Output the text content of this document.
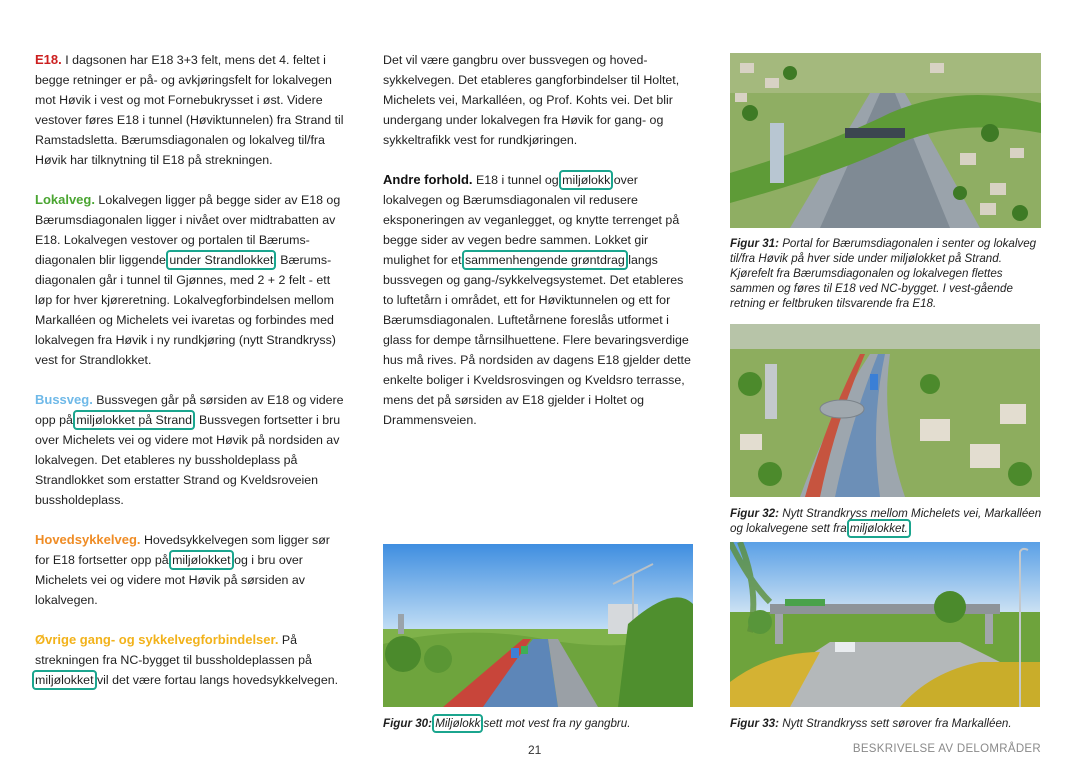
E18. I dagsonen har E18 3+3 felt, mens det 4. feltet i begge retninger er på- og avkjøringsfelt for lokalvegen mot Høvik i vest og mot Fornebukrysset i øst. Videre vestover føres E18 i tunnel (Høviktunnelen) fra Strand til Ramstadsletta. Bærumsdiagonalen og lokalveg til/fra Høvik har tilknytning til E18 på strekningen.

Lokalveg. Lokalvegen ligger på begge sider av E18 og Bærumsdiagonalen ligger i nivået over midtrabatten av E18. Lokalvegen vestover og portalen til Bærums-diagonalen blir liggende under Strandlokket. Bærums-diagonalen går i tunnel til Gjønnes, med 2 + 2 felt - ett løp for hver kjøreretning. Lokalvegforbindelsen mellom Markalléen og Michelets vei ivaretas og forbindes med lokalvegen fra Høvik i ny rundkjøring (nytt Strandkryss) vest for Strandlokket.

Bussveg. Bussvegen går på sørsiden av E18 og videre opp på miljølokket på Strand. Bussvegen fortsetter i bru over Michelets vei og videre mot Høvik på nordsiden av lokalvegen. Det etableres ny bussholdeplass på Strandlokket som erstatter Strand og Kveldsroveien bussholdeplass.

Hovedsykkelveg. Hovedsykkelvegen som ligger sør for E18 fortsetter opp på miljølokket og i bru over Michelets vei og videre mot Høvik på sørsiden av lokalvegen.

Øvrige gang- og sykkelvegforbindelser. På strekningen fra NC-bygget til bussholdeplassen på miljølokket vil det være fortau langs hovedsykkelvegen.

Det vil være gangbru over bussvegen og hoved-sykkelvegen. Det etableres gangforbindelser til Holtet, Michelets vei, Markalléen, og Prof. Kohts vei. Det blir undergang under lokalvegen fra Høvik for gang- og sykkeltrafikk vest for rundkjøringen.

Andre forhold. E18 i tunnel og miljølokk over lokalvegen og Bærumsdiagonalen vil redusere eksponeringen av veganlegget, og knytte terrenget på begge sider av vegen bedre sammen. Lokket gir mulighet for et sammenhengende grøntdrag langs bussvegen og gang-/sykkelvegsystemet. Det etableres to luftetårn i området, ett for Høviktunnelen og ett for Bærumsdiagonalen. Luftetårnene foreslås utformet i glass for dempe tårnsilhuettene. Flere bevaringsverdige hus må rives. På nordsiden av dagens E18 gjelder dette enkelte boliger i Kveldsrosvingen og Kveldsro terrasse, mens det på sørsiden av E18 gjelder i Holtet og Drammensveien.

Figur 30: Miljølokk sett mot vest fra ny gangbru.
Figur 31: Portal for Bærumsdiagonalen i senter og lokalveg til/fra Høvik på hver side under miljølokket på Strand. Kjørefelt fra Bærumsdiagonalen og lokalvegen flettes sammen og føres til E18 ved NC-bygget. I vest-gående retning er feltbruken tilsvarende fra E18.
Figur 32: Nytt Strandkryss mellom Michelets vei, Markalléen og lokalvegene sett fra miljølokket.
Figur 33: Nytt Strandkryss sett sørover fra Markalléen.
21	BESKRIVELSE AV DELOMRÅDER
